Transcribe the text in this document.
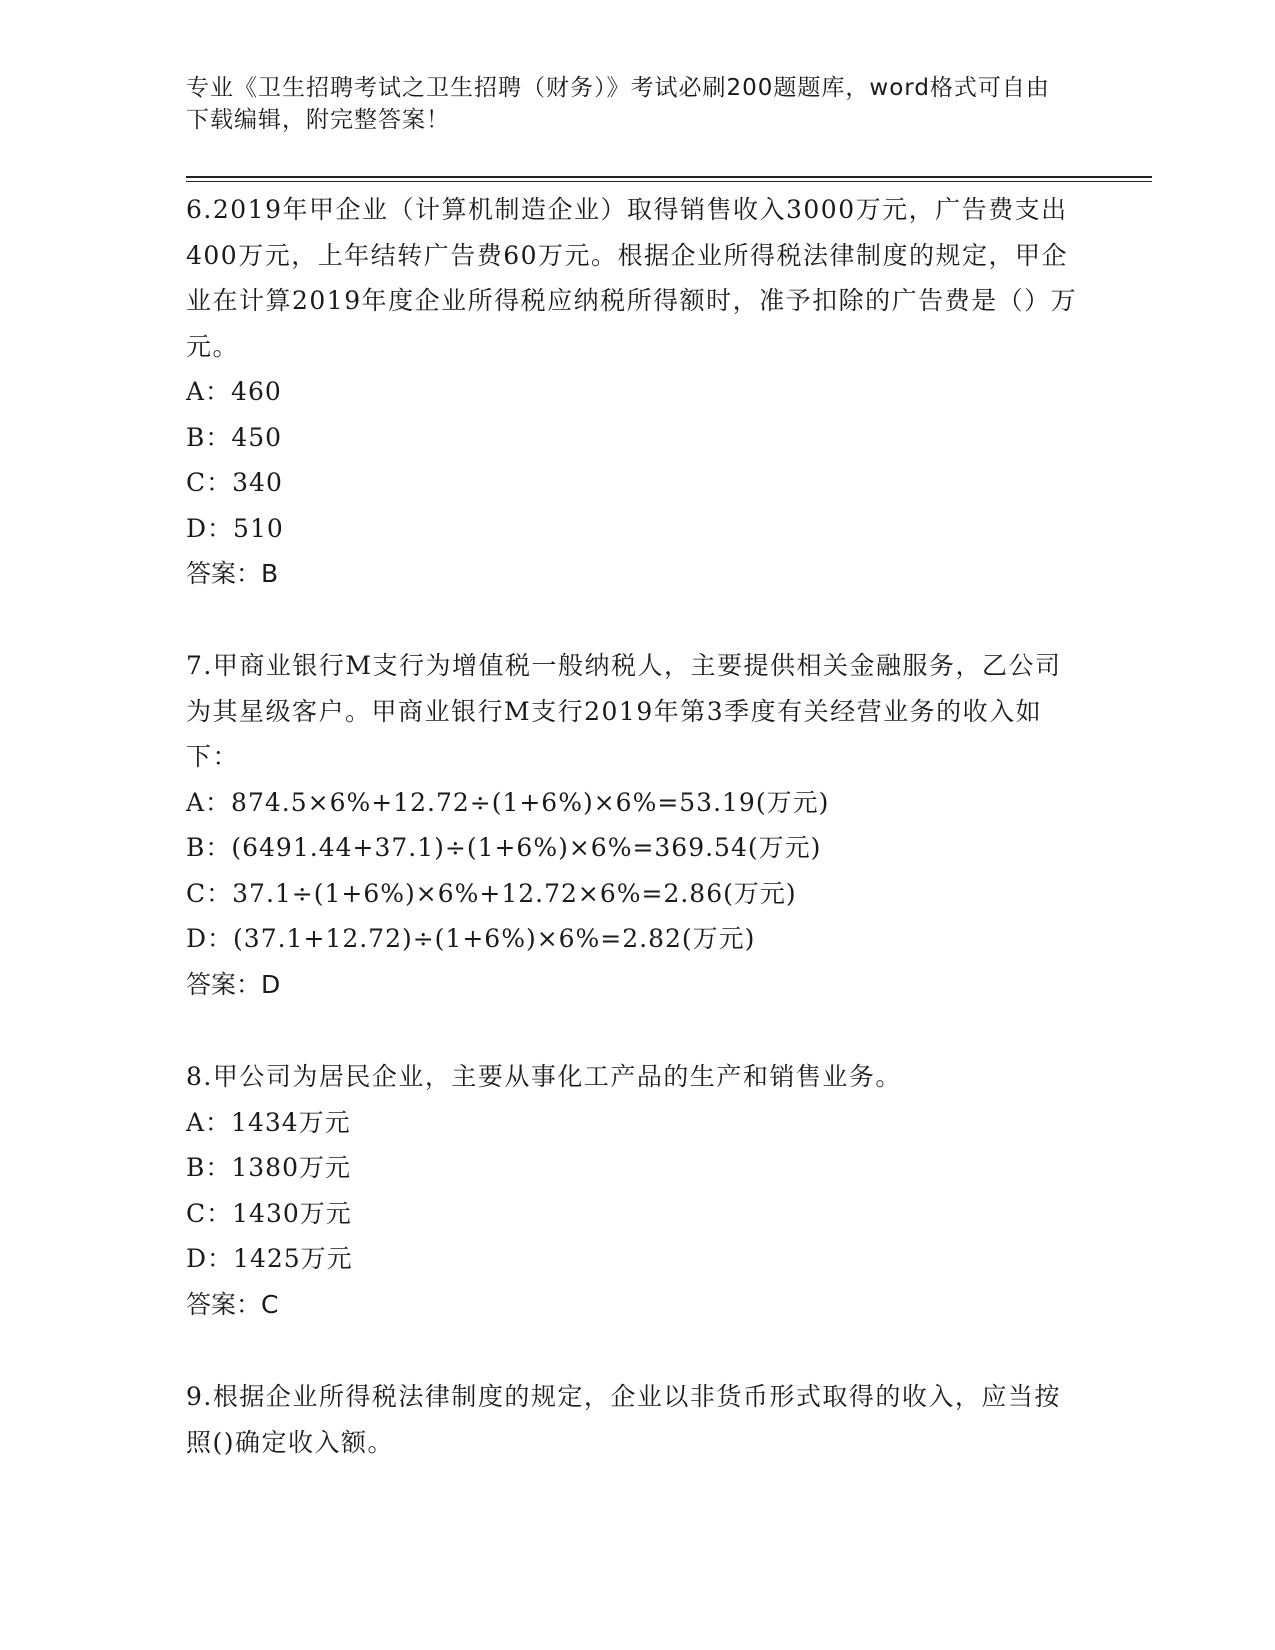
专业《卫生招聘考试之卫生招聘（财务）》考试必刷200题题库，word格式可自由下载编辑，附完整答案！

6.2019年甲企业（计算机制造企业）取得销售收入3000万元，广告费支出400万元，上年结转广告费60万元。根据企业所得税法律制度的规定，甲企业在计算2019年度企业所得税应纳税所得额时，准予扣除的广告费是（）万元。

A：460

B：450

C：340

D：510

答案：B

7.甲商业银行M支行为增值税一般纳税人，主要提供相关金融服务，乙公司为其星级客户。甲商业银行M支行2019年第3季度有关经营业务的收入如下：

A：874.5×6%+12.72÷(1+6%)×6%=53.19(万元)

B：(6491.44+37.1)÷(1+6%)×6%=369.54(万元)

C：37.1÷(1+6%)×6%+12.72×6%=2.86(万元)

D：(37.1+12.72)÷(1+6%)×6%=2.82(万元)

答案：D

8.甲公司为居民企业，主要从事化工产品的生产和销售业务。

A：1434万元

B：1380万元

C：1430万元

D：1425万元

答案：C

9.根据企业所得税法律制度的规定，企业以非货币形式取得的收入，应当按照()确定收入额。
